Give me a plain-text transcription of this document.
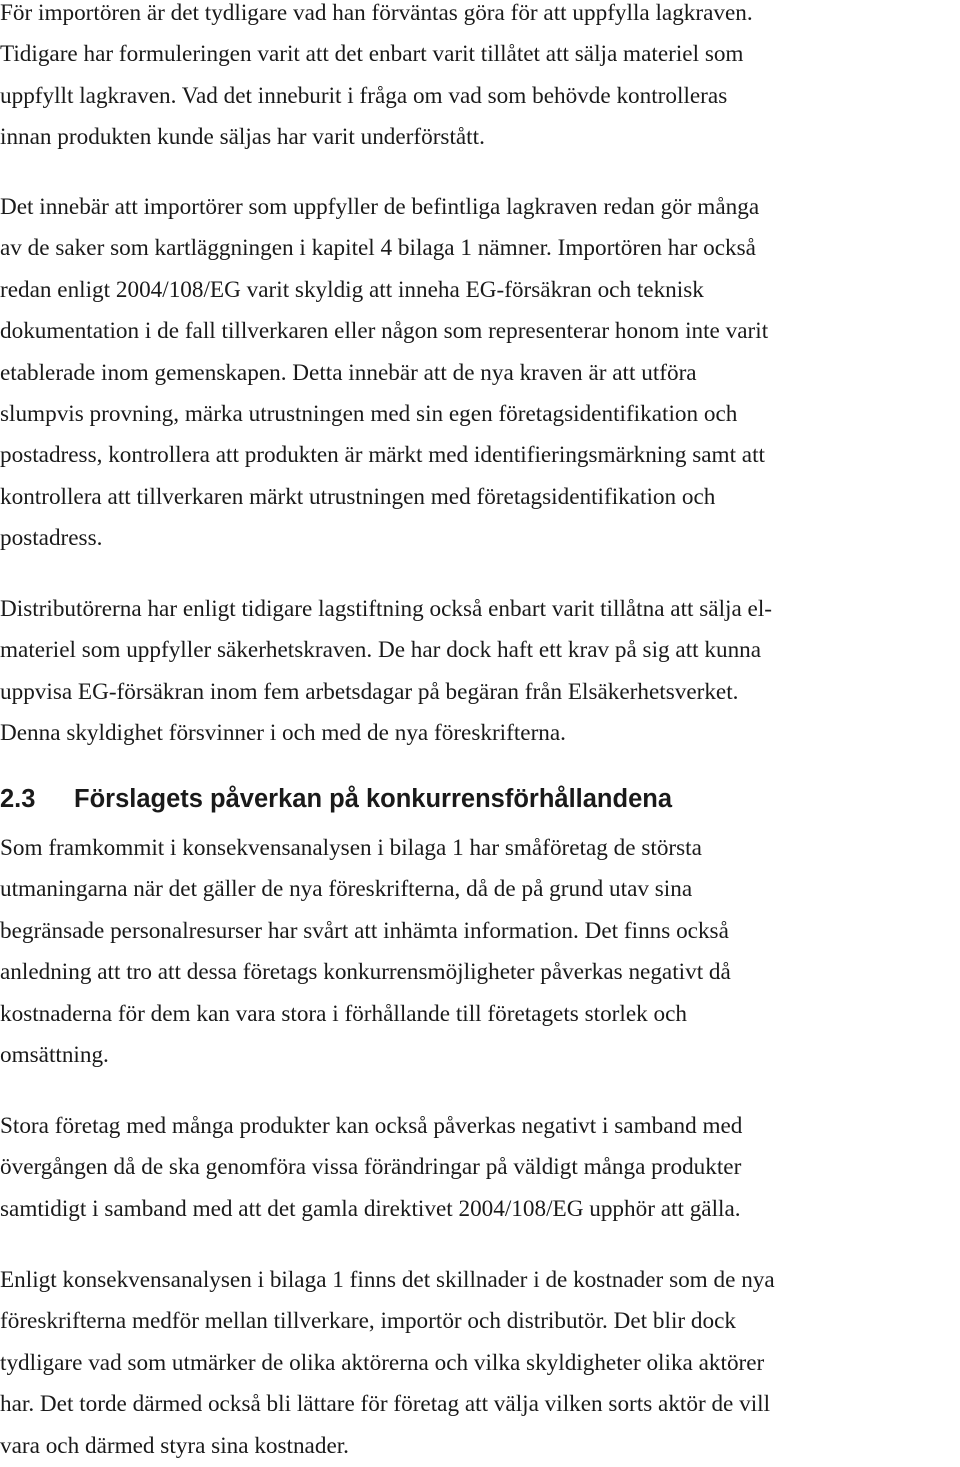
För importören är det tydligare vad han förväntas göra för att uppfylla lagkraven.
Tidigare har formuleringen varit att det enbart varit tillåtet att sälja materiel som
uppfyllt lagkraven. Vad det inneburit i fråga om vad som behövde kontrolleras
innan produkten kunde säljas har varit underförstått.
Det innebär att importörer som uppfyller de befintliga lagkraven redan gör många
av de saker som kartläggningen i kapitel 4 bilaga 1 nämner. Importören har också
redan enligt 2004/108/EG varit skyldig att inneha EG-försäkran och teknisk
dokumentation i de fall tillverkaren eller någon som representerar honom inte varit
etablerade inom gemenskapen. Detta innebär att de nya kraven är att utföra
slumpvis provning, märka utrustningen med sin egen företagsidentifikation och
postadress, kontrollera att produkten är märkt med identifieringsmärkning samt att
kontrollera att tillverkaren märkt utrustningen med företagsidentifikation och
postadress.
Distributörerna har enligt tidigare lagstiftning också enbart varit tillåtna att sälja el-
materiel som uppfyller säkerhetskraven. De har dock haft ett krav på sig att kunna
uppvisa EG-försäkran inom fem arbetsdagar på begäran från Elsäkerhetsverket.
Denna skyldighet försvinner i och med de nya föreskrifterna.
2.3 Förslagets påverkan på konkurrensförhållandena
Som framkommit i konsekvensanalysen i bilaga 1 har småföretag de största
utmaningarna när det gäller de nya föreskrifterna, då de på grund utav sina
begränsade personalresurser har svårt att inhämta information. Det finns också
anledning att tro att dessa företags konkurrensmöjligheter påverkas negativt då
kostnaderna för dem kan vara stora i förhållande till företagets storlek och
omsättning.
Stora företag med många produkter kan också påverkas negativt i samband med
övergången då de ska genomföra vissa förändringar på väldigt många produkter
samtidigt i samband med att det gamla direktivet 2004/108/EG upphör att gälla.
Enligt konsekvensanalysen i bilaga 1 finns det skillnader i de kostnader som de nya
föreskrifterna medför mellan tillverkare, importör och distributör. Det blir dock
tydligare vad som utmärker de olika aktörerna och vilka skyldigheter olika aktörer
har. Det torde därmed också bli lättare för företag att välja vilken sorts aktör de vill
vara och därmed styra sina kostnader.
